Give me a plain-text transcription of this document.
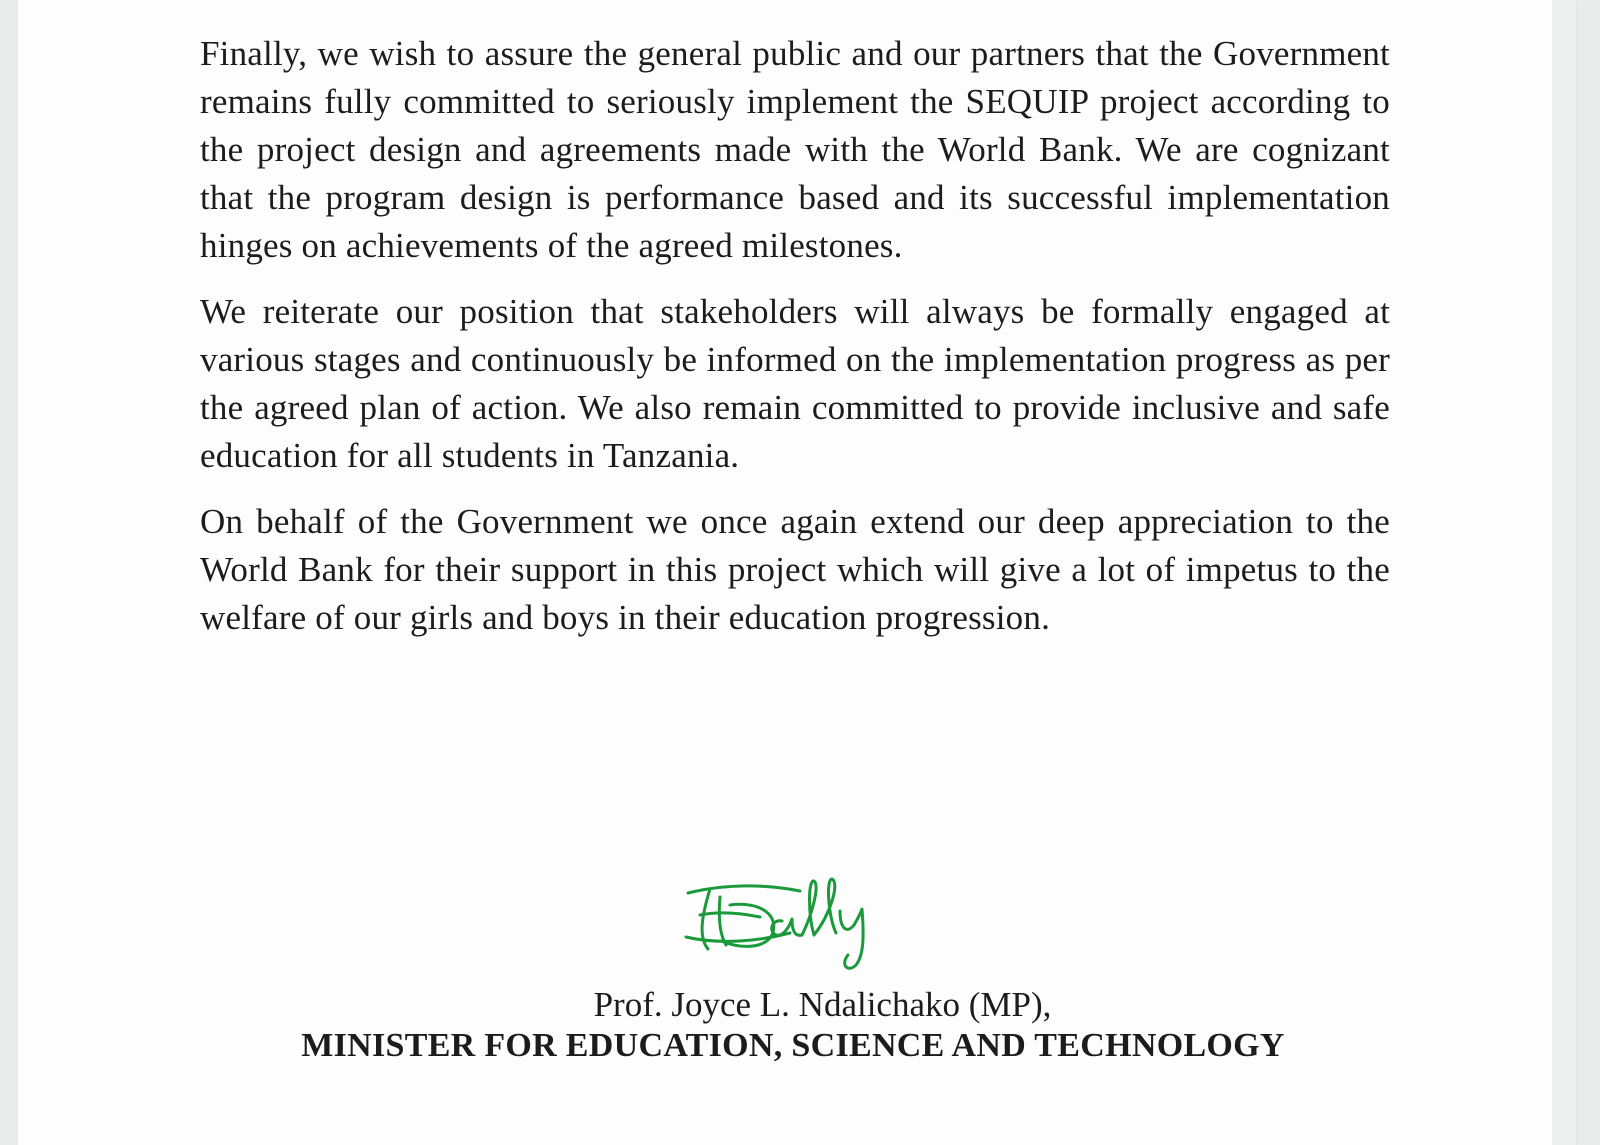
Finally, we wish to assure the general public and our partners that the Government remains fully committed to seriously implement the SEQUIP project according to the project design and agreements made with the World Bank. We are cognizant that the program design is performance based and its successful implementation hinges on achievements of the agreed milestones.

We reiterate our position that stakeholders will always be formally engaged at various stages and continuously be informed on the implementation progress as per the agreed plan of action. We also remain committed to provide inclusive and safe education for all students in Tanzania.

On behalf of the Government we once again extend our deep appreciation to the World Bank for their support in this project which will give a lot of impetus to the welfare of our girls and boys in their education progression.

Prof. Joyce L. Ndalichako (MP),
MINISTER FOR EDUCATION, SCIENCE AND TECHNOLOGY
